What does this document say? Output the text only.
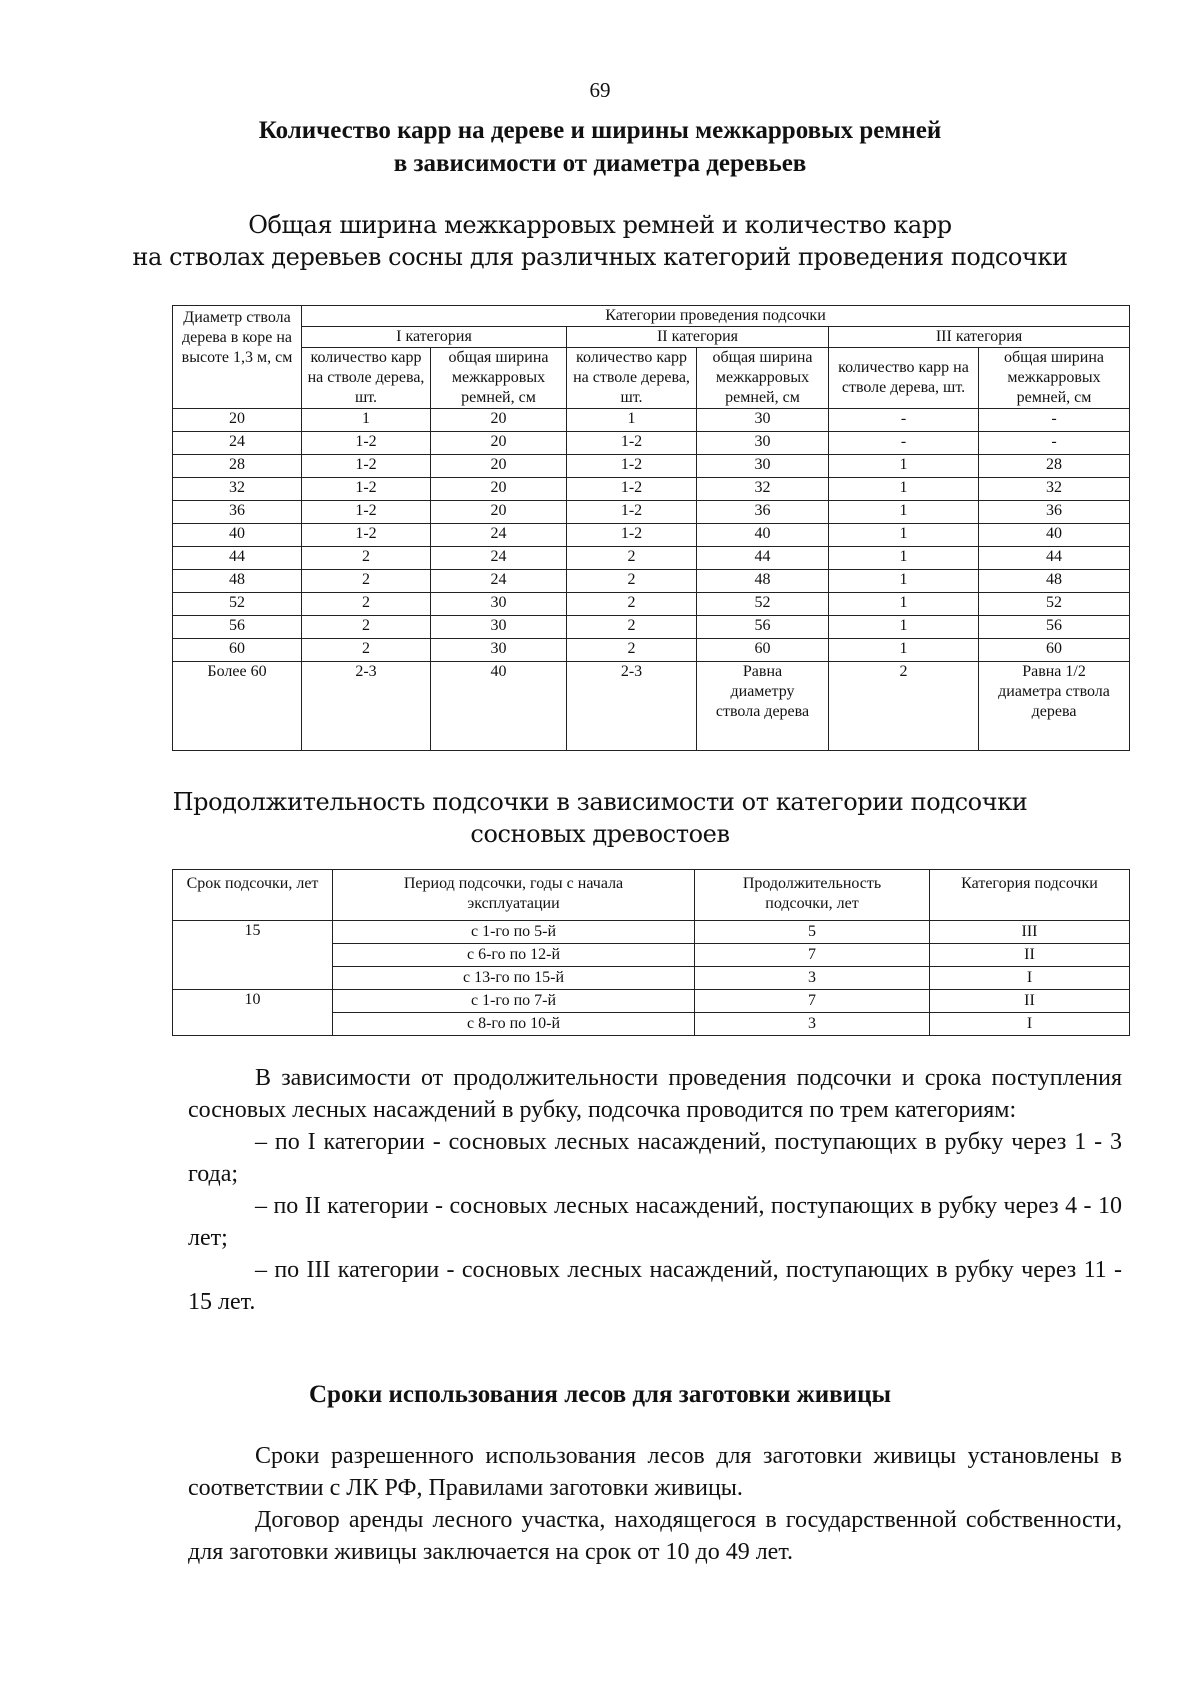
69
Количество карр на дереве и ширины межкарровых ремней
в зависимости от диаметра деревьев
Общая ширина межкарровых ремней и количество карр
на стволах деревьев сосны для различных категорий проведения подсочки
Диаметр ствола дерева в коре на высоте 1,3 м, см	Категории проведения подсочки					
	I категория		II категория		III категория	
	количество карр на стволе дерева, шт.	общая ширина межкарровых ремней, см	количество карр на стволе дерева, шт.	общая ширина межкарровых ремней, см	количество карр на стволе дерева, шт.	общая ширина межкарровых ремней, см
20	1	20	1	30	-	-
24	1-2	20	1-2	30	-	-
28	1-2	20	1-2	30	1	28
32	1-2	20	1-2	32	1	32
36	1-2	20	1-2	36	1	36
40	1-2	24	1-2	40	1	40
44	2	24	2	44	1	44
48	2	24	2	48	1	48
52	2	30	2	52	1	52
56	2	30	2	56	1	56
60	2	30	2	60	1	60
Более 60	2-3	40	2-3	Равна диаметру ствола дерева	2	Равна 1/2 диаметра ствола дерева
Продолжительность подсочки в зависимости от категории подсочки
сосновых древостоев
Срок подсочки, лет	Период подсочки, годы с начала эксплуатации	Продолжительность подсочки, лет	Категория подсочки
15	с 1-го по 5-й	5	III
	с 6-го по 12-й	7	II
	с 13-го по 15-й	3	I
10	с 1-го по 7-й	7	II
	с 8-го по 10-й	3	I

В зависимости от продолжительности проведения подсочки и срока поступления сосновых лесных насаждений в рубку, подсочка проводится по трем категориям:

– по I категории - сосновых лесных насаждений, поступающих в рубку через 1 - 3 года;

– по II категории - сосновых лесных насаждений, поступающих в рубку через 4 - 10 лет;

– по III категории - сосновых лесных насаждений, поступающих в рубку через 11 - 15 лет.

Сроки использования лесов для заготовки живицы

Сроки разрешенного использования лесов для заготовки живицы установлены в соответствии с ЛК РФ, Правилами заготовки живицы.

Договор аренды лесного участка, находящегося в государственной собственности, для заготовки живицы заключается на срок от 10 до 49 лет.
